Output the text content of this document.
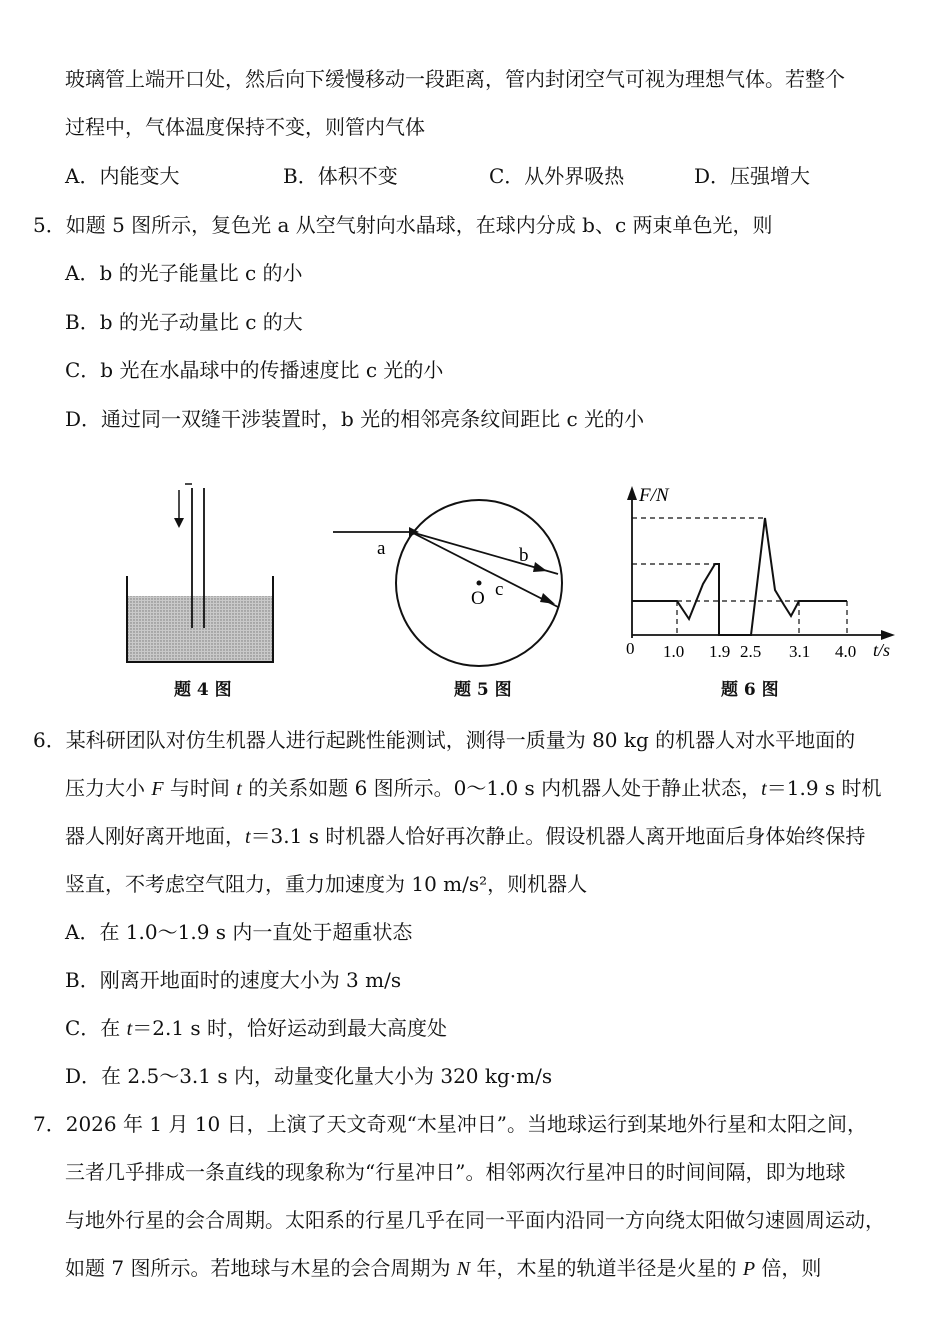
玻璃管上端开口处，然后向下缓慢移动一段距离，管内封闭空气可视为理想气体。若整个
过程中，气体温度保持不变，则管内气体
A．内能变大	B．体积不变	C．从外界吸热	D．压强增大
5．如题 5 图所示，复色光 a 从空气射向水晶球，在球内分成 b、c 两束单色光，则
A．b 的光子能量比 c 的小
B．b 的光子动量比 c 的大
C．b 光在水晶球中的传播速度比 c 光的小
D．通过同一双缝干涉装置时，b 光的相邻亮条纹间距比 c 光的小
题 4 图
a	b
c
O
题 5 图
F/N
t/s
0 1.0 1.9 2.5 3.1 4.0
题 6 图
6．某科研团队对仿生机器人进行起跳性能测试，测得一质量为 80 kg 的机器人对水平地面的
压力大小 F 与时间 t 的关系如题 6 图所示。0～1.0 s 内机器人处于静止状态，t＝1.9 s 时机
器人刚好离开地面，t＝3.1 s 时机器人恰好再次静止。假设机器人离开地面后身体始终保持
竖直，不考虑空气阻力，重力加速度为 10 m/s²，则机器人
A．在 1.0～1.9 s 内一直处于超重状态
B．刚离开地面时的速度大小为 3 m/s
C．在 t＝2.1 s 时，恰好运动到最大高度处
D．在 2.5～3.1 s 内，动量变化量大小为 320 kg·m/s
7．2026 年 1 月 10 日，上演了天文奇观“木星冲日”。当地球运行到某地外行星和太阳之间，
三者几乎排成一条直线的现象称为“行星冲日”。相邻两次行星冲日的时间间隔，即为地球
与地外行星的会合周期。太阳系的行星几乎在同一平面内沿同一方向绕太阳做匀速圆周运动，
如题 7 图所示。若地球与木星的会合周期为 N 年，木星的轨道半径是火星的 P 倍，则
